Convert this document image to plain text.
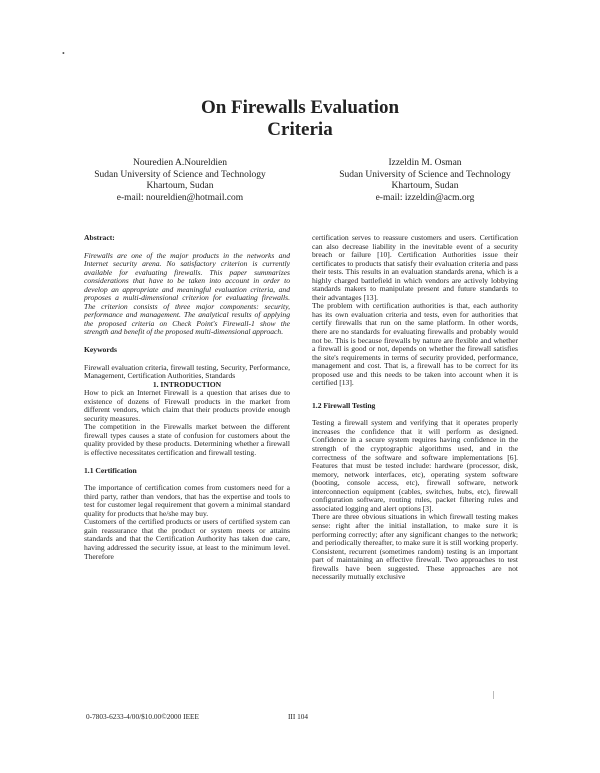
On Firewalls Evaluation
Criteria
Nouredien A.Noureldien
Sudan University of Science and Technology
Khartoum, Sudan
e-mail: noureldien@hotmail.com
Izzeldin M. Osman
Sudan University of Science and Technology
Khartoum, Sudan
e-mail: izzeldin@acm.org

Abstract:

Firewalls are one of the major products in the networks and Internet security arena. No satisfactory criterion is currently available for evaluating firewalls. This paper summarizes considerations that have to be taken into account in order to develop an appropriate and meaningful evaluation criteria, and proposes a multi-dimensional criterion for evaluating firewalls. The criterion consists of three major components: security, performance and management. The analytical results of applying the proposed criteria on Check Point's Firewall-1 show the strength and benefit of the proposed multi-dimensional approach.

Keywords

Firewall evaluation criteria, firewall testing, Security, Performance, Management, Certification Authorities, Standards

1. INTRODUCTION

How to pick an Internet Firewall is a question that arises due to existence of dozens of Firewall products in the market from different vendors, which claim that their products provide enough security measures.

The competition in the Firewalls market between the different firewall types causes a state of confusion for customers about the quality provided by these products. Determining whether a firewall is effective necessitates certification and firewall testing.

1.1 Certification

The importance of certification comes from customers need for a third party, rather than vendors, that has the expertise and tools to test for customer legal requirement that govern a minimal standard quality for products that he/she may buy.

Customers of the certified products or users of certified system can gain reassurance that the product or system meets or attains standards and that the Certification Authority has taken due care, having addressed the security issue, at least to the minimum level. Therefore

certification serves to reassure customers and users. Certification can also decrease liability in the inevitable event of a security breach or failure [10]. Certification Authorities issue their certificates to products that satisfy their evaluation criteria and pass their tests. This results in an evaluation standards arena, which is a highly charged battlefield in which vendors are actively lobbying standards makers to manipulate present and future standards to their advantages [13].

The problem with certification authorities is that, each authority has its own evaluation criteria and tests, even for authorities that certify firewalls that run on the same platform. In other words, there are no standards for evaluating firewalls and probably would not be. This is because firewalls by nature are flexible and whether a firewall is good or not, depends on whether the firewall satisfies the site's requirements in terms of security provided, performance, management and cost. That is, a firewall has to be correct for its proposed use and this needs to be taken into account when it is certified [13].

1.2 Firewall Testing

Testing a firewall system and verifying that it operates properly increases the confidence that it will perform as designed. Confidence in a secure system requires having confidence in the strength of the cryptographic algorithms used, and in the correctness of the software and software implementations [6]. Features that must be tested include: hardware (processor, disk, memory, network interfaces, etc), operating system software (booting, console access, etc), firewall software, network interconnection equipment (cables, switches, hubs, etc), firewall configuration software, routing rules, packet filtering rules and associated logging and alert options [3].

There are three obvious situations in which firewall testing makes sense: right after the initial installation, to make sure it is performing correctly; after any significant changes to the network; and periodically thereafter, to make sure it is still working properly. Consistent, recurrent (sometimes random) testing is an important part of maintaining an effective firewall. Two approaches to test firewalls have been suggested. These approaches are not necessarily mutually exclusive

0-7803-6233-4/00/$10.00©2000 IEEE	III 104
•
|
